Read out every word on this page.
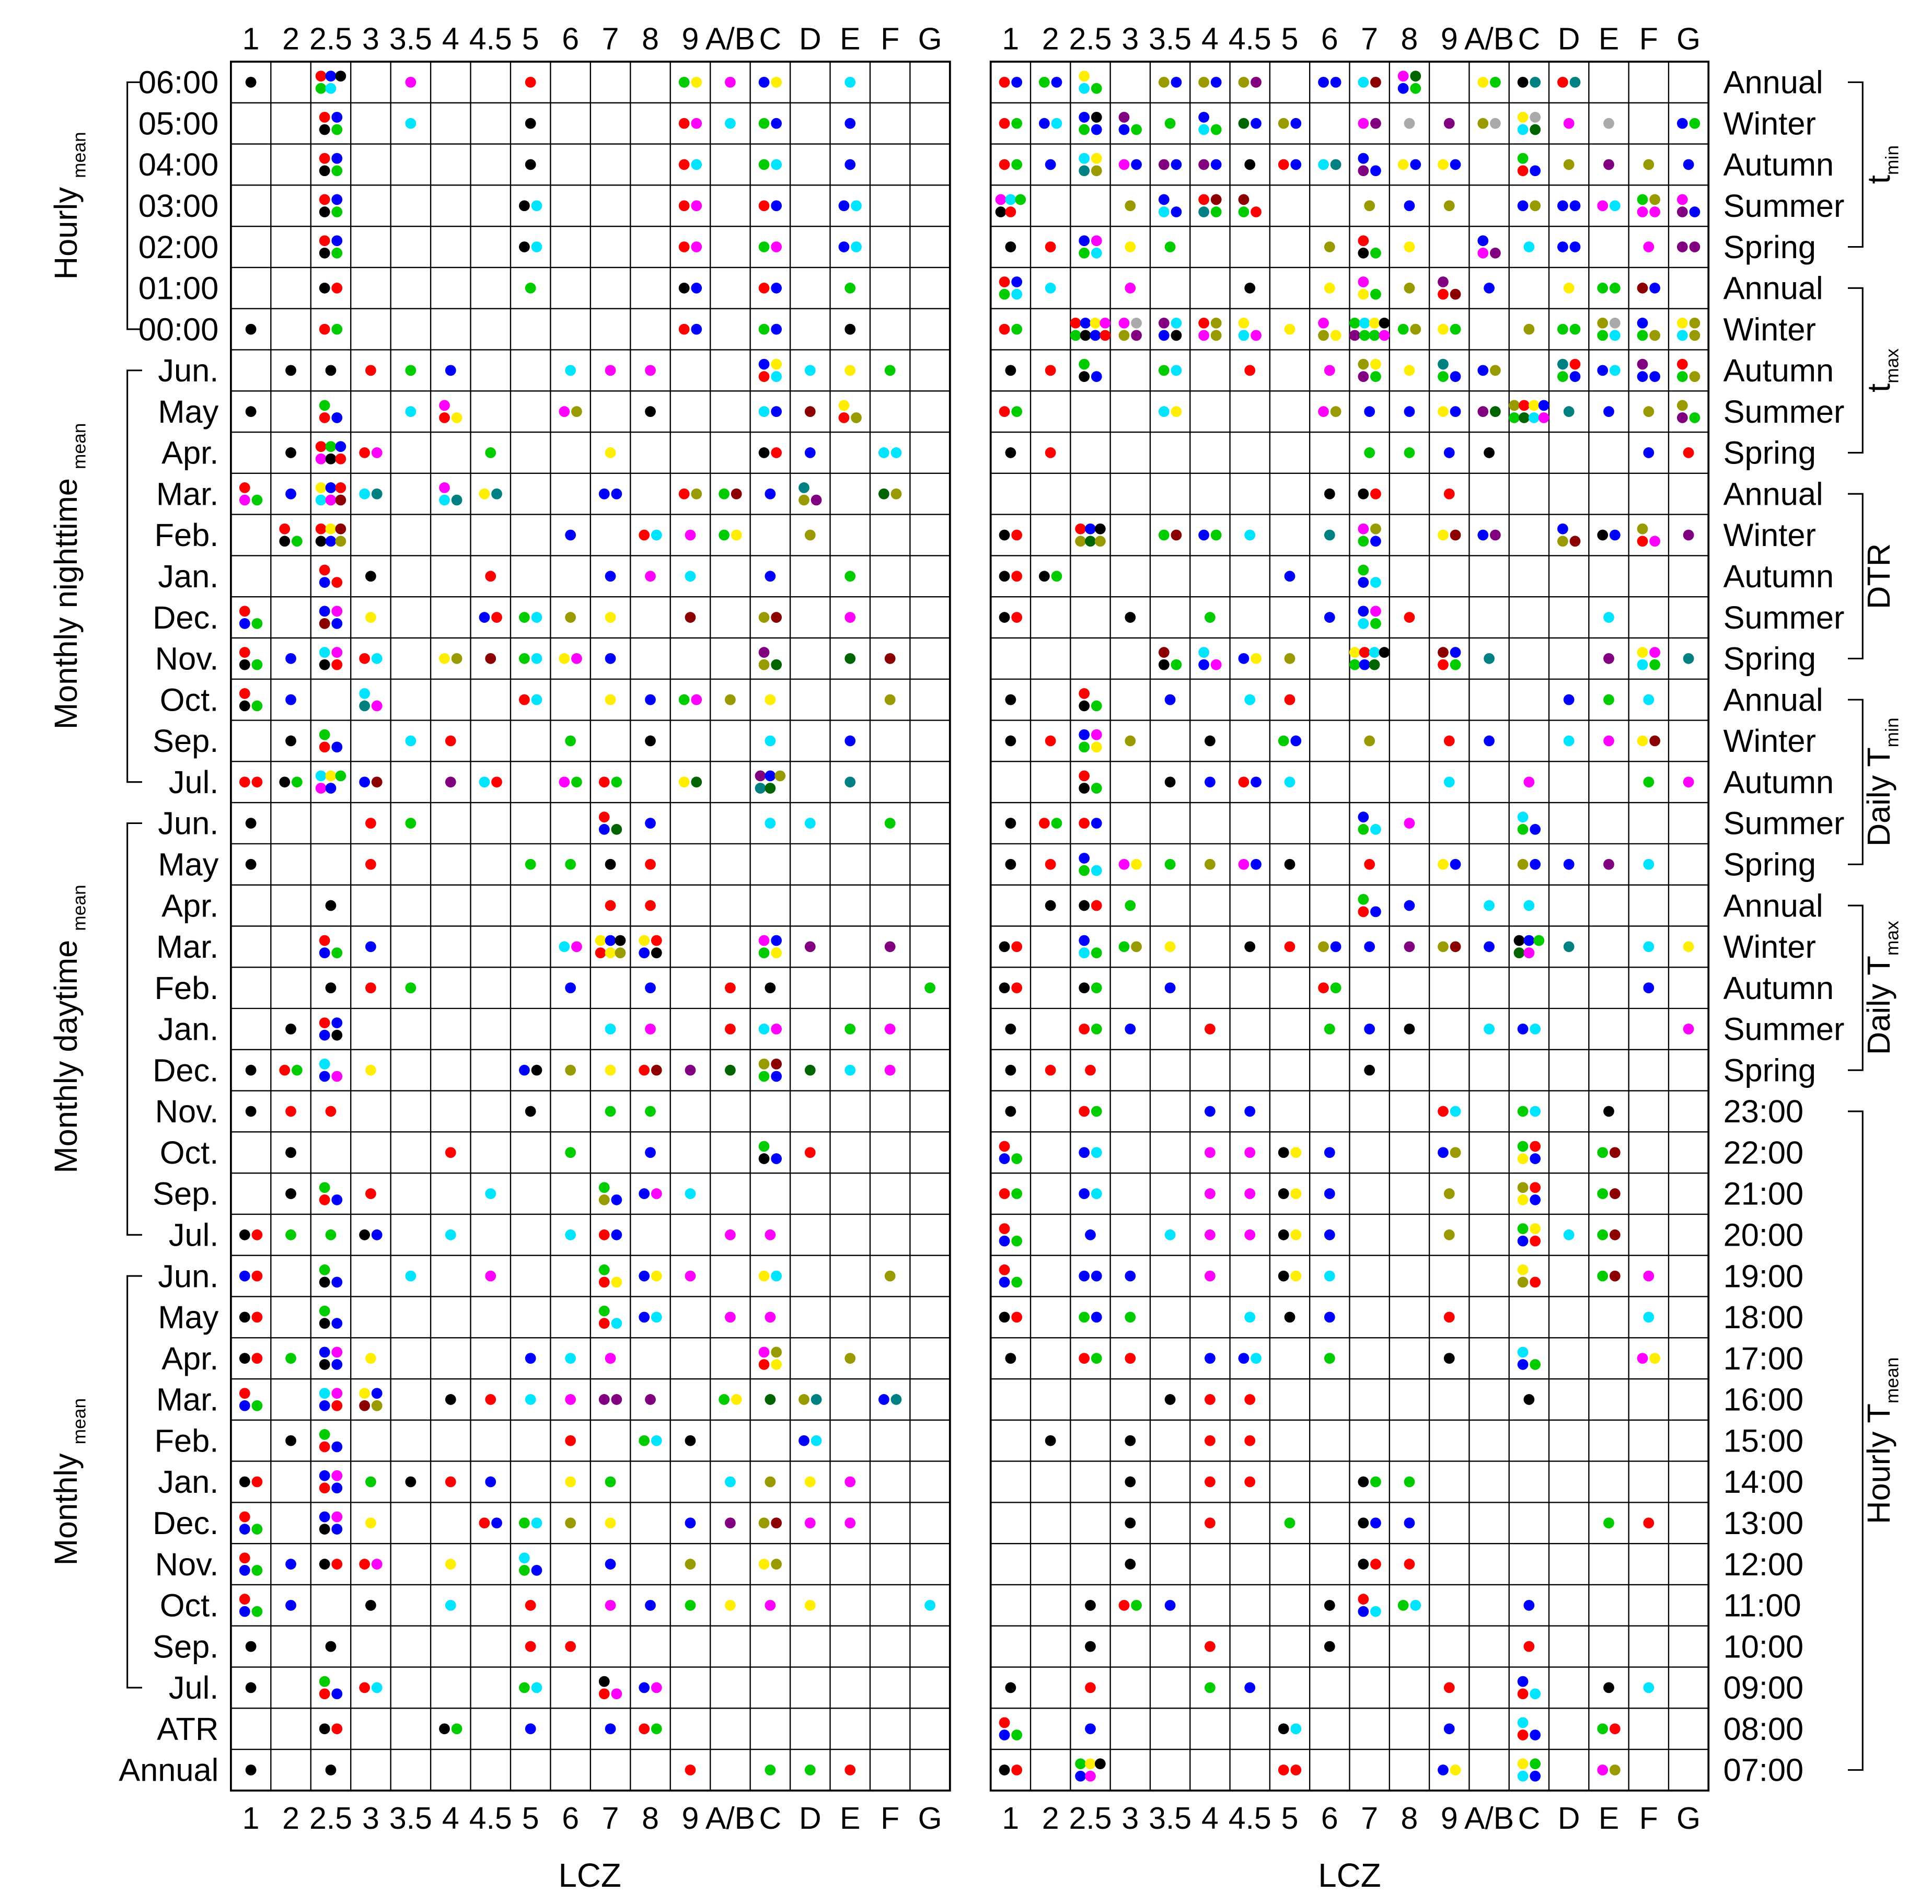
06:00
05:00
04:00
03:00
02:00
01:00
00:00
Jun.
May
Apr.
Mar.
Feb.
Jan.
Dec.
Nov.
Oct.
Sep.
Jul.
Jun.
May
Apr.
Mar.
Feb.
Jan.
Dec.
Nov.
Oct.
Sep.
Jul.
Jun.
May
Apr.
Mar.
Feb.
Jan.
Dec.
Nov.
Oct.
Sep.
Jul.
ATR
Annual
Hourly $_{mean}$
Monthly nighttime $_{mean}$
Monthly daytime $_{mean}$
Monthly $_{mean}$
1 2 2.5 3 3.5 4 4.5 5 6 7 8 9 A/B C D E F G
1 2 2.5 3 3.5 4 4.5 5 6 7 8 9 A/B C D E F G
LCZ
Annual
Winter
Autumn
Summer
Spring
Annual
Winter
Autumn
Summer
Spring
Annual
Winter
Autumn
Summer
Spring
Annual
Winter
Autumn
Summer
Spring
Annual
Winter
Autumn
Summer
Spring
23:00
22:00
21:00
20:00
19:00
18:00
17:00
16:00
15:00
14:00
13:00
12:00
11:00
10:00
09:00
08:00
07:00
$t_{min}$
$t_{max}$
DTR
Daily $T_{min}$
Daily $T_{max}$
Hourly $T_{mean}$
1 2 2.5 3 3.5 4 4.5 5 6 7 8 9 A/B C D E F G
1 2 2.5 3 3.5 4 4.5 5 6 7 8 9 A/B C D E F G
LCZ
